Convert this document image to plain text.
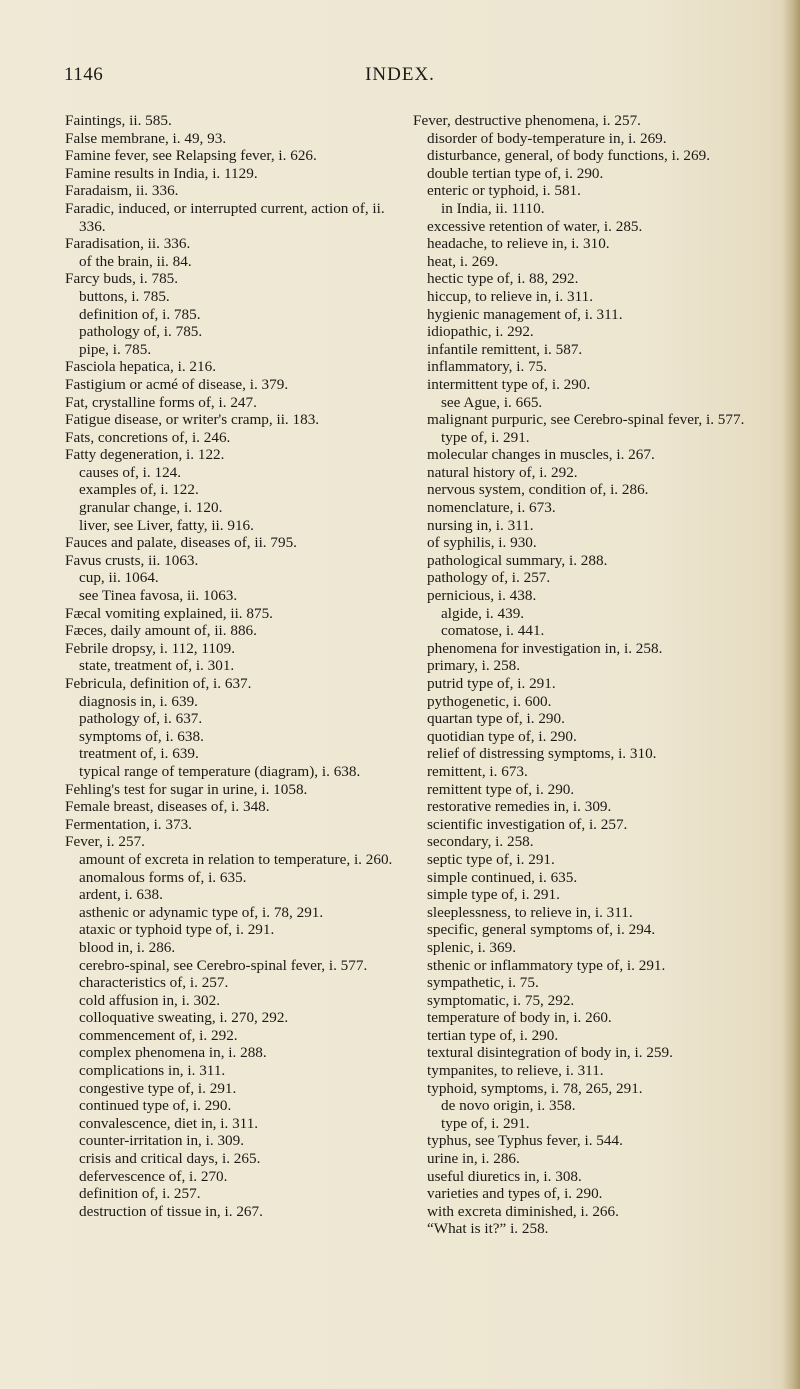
1146	INDEX.
Faintings, ii. 585.
False membrane, i. 49, 93.
Famine fever, see Relapsing fever, i. 626.
Famine results in India, i. 1129.
Faradaism, ii. 336.
Faradic, induced, or interrupted current, action of, ii. 336.
Faradisation, ii. 336.
of the brain, ii. 84.
Farcy buds, i. 785.
buttons, i. 785.
definition of, i. 785.
pathology of, i. 785.
pipe, i. 785.
Fasciola hepatica, i. 216.
Fastigium or acmé of disease, i. 379.
Fat, crystalline forms of, i. 247.
Fatigue disease, or writer's cramp, ii. 183.
Fats, concretions of, i. 246.
Fatty degeneration, i. 122.
causes of, i. 124.
examples of, i. 122.
granular change, i. 120.
liver, see Liver, fatty, ii. 916.
Fauces and palate, diseases of, ii. 795.
Favus crusts, ii. 1063.
cup, ii. 1064.
see Tinea favosa, ii. 1063.
Fæcal vomiting explained, ii. 875.
Fæces, daily amount of, ii. 886.
Febrile dropsy, i. 112, 1109.
state, treatment of, i. 301.
Febricula, definition of, i. 637.
diagnosis in, i. 639.
pathology of, i. 637.
symptoms of, i. 638.
treatment of, i. 639.
typical range of temperature (diagram), i. 638.
Fehling's test for sugar in urine, i. 1058.
Female breast, diseases of, i. 348.
Fermentation, i. 373.
Fever, i. 257.
amount of excreta in relation to temperature, i. 260.
anomalous forms of, i. 635.
ardent, i. 638.
asthenic or adynamic type of, i. 78, 291.
ataxic or typhoid type of, i. 291.
blood in, i. 286.
cerebro-spinal, see Cerebro-spinal fever, i. 577.
characteristics of, i. 257.
cold affusion in, i. 302.
colloquative sweating, i. 270, 292.
commencement of, i. 292.
complex phenomena in, i. 288.
complications in, i. 311.
congestive type of, i. 291.
continued type of, i. 290.
convalescence, diet in, i. 311.
counter-irritation in, i. 309.
crisis and critical days, i. 265.
defervescence of, i. 270.
definition of, i. 257.
destruction of tissue in, i. 267.
Fever, destructive phenomena, i. 257.
disorder of body-temperature in, i. 269.
disturbance, general, of body functions, i. 269.
double tertian type of, i. 290.
enteric or typhoid, i. 581.
in India, ii. 1110.
excessive retention of water, i. 285.
headache, to relieve in, i. 310.
heat, i. 269.
hectic type of, i. 88, 292.
hiccup, to relieve in, i. 311.
hygienic management of, i. 311.
idiopathic, i. 292.
infantile remittent, i. 587.
inflammatory, i. 75.
intermittent type of, i. 290.
see Ague, i. 665.
malignant purpuric, see Cerebro-spinal fever, i. 577.
type of, i. 291.
molecular changes in muscles, i. 267.
natural history of, i. 292.
nervous system, condition of, i. 286.
nomenclature, i. 673.
nursing in, i. 311.
of syphilis, i. 930.
pathological summary, i. 288.
pathology of, i. 257.
pernicious, i. 438.
algide, i. 439.
comatose, i. 441.
phenomena for investigation in, i. 258.
primary, i. 258.
putrid type of, i. 291.
pythogenetic, i. 600.
quartan type of, i. 290.
quotidian type of, i. 290.
relief of distressing symptoms, i. 310.
remittent, i. 673.
remittent type of, i. 290.
restorative remedies in, i. 309.
scientific investigation of, i. 257.
secondary, i. 258.
septic type of, i. 291.
simple continued, i. 635.
simple type of, i. 291.
sleeplessness, to relieve in, i. 311.
specific, general symptoms of, i. 294.
splenic, i. 369.
sthenic or inflammatory type of, i. 291.
sympathetic, i. 75.
symptomatic, i. 75, 292.
temperature of body in, i. 260.
tertian type of, i. 290.
textural disintegration of body in, i. 259.
tympanites, to relieve, i. 311.
typhoid, symptoms, i. 78, 265, 291.
de novo origin, i. 358.
type of, i. 291.
typhus, see Typhus fever, i. 544.
urine in, i. 286.
useful diuretics in, i. 308.
varieties and types of, i. 290.
with excreta diminished, i. 266.
“What is it?” i. 258.
